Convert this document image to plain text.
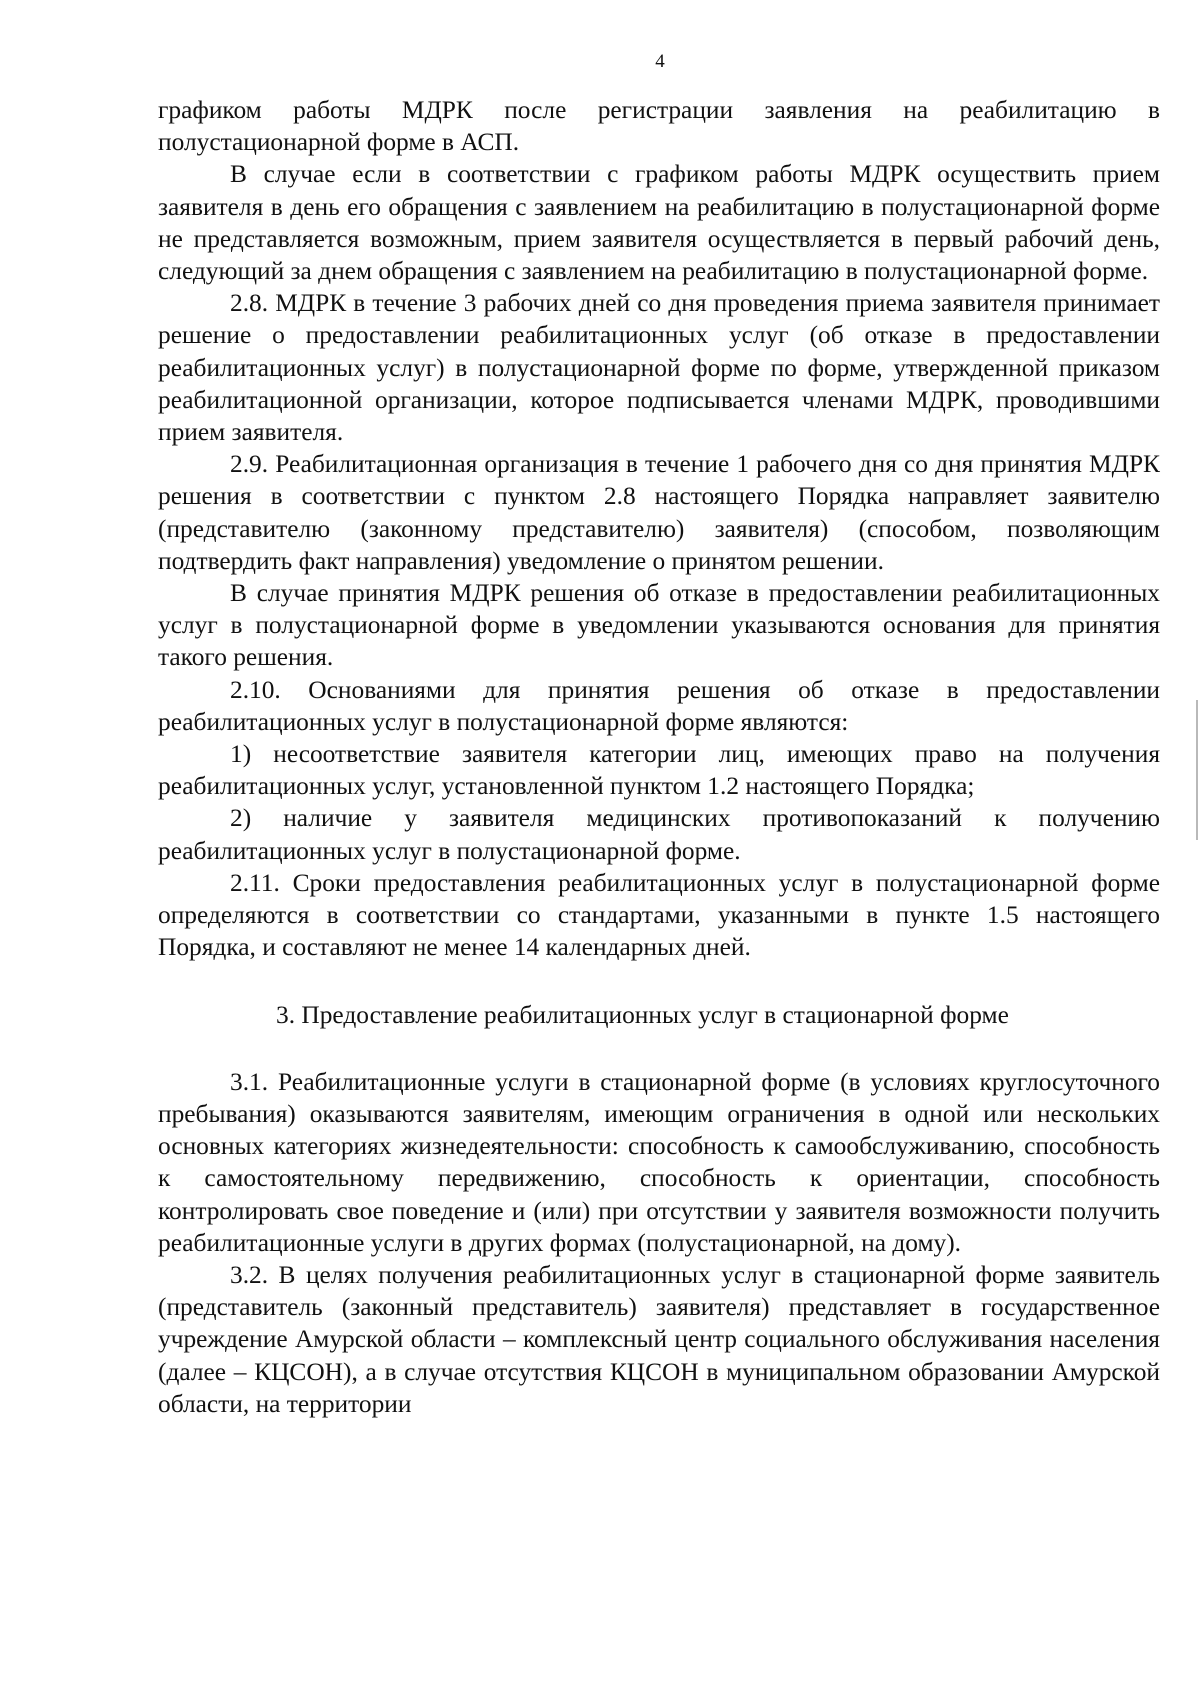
4

графиком работы МДРК после регистрации заявления на реабилитацию в полустационарной форме в АСП.

В случае если в соответствии с графиком работы МДРК осуществить прием заявителя в день его обращения с заявлением на реабилитацию в полустационарной форме не представляется возможным, прием заявителя осуществляется в первый рабочий день, следующий за днем обращения с заявлением на реабилитацию в полустационарной форме.

2.8. МДРК в течение 3 рабочих дней со дня проведения приема заявителя принимает решение о предоставлении реабилитационных услуг (об отказе в предоставлении реабилитационных услуг) в полустационарной форме по форме, утвержденной приказом реабилитационной организации, которое подписывается членами МДРК, проводившими прием заявителя.

2.9. Реабилитационная организация в течение 1 рабочего дня со дня принятия МДРК решения в соответствии с пунктом 2.8 настоящего Порядка направляет заявителю (представителю (законному представителю) заявителя) (способом, позволяющим подтвердить факт направления) уведомление о принятом решении.

В случае принятия МДРК решения об отказе в предоставлении реабилитационных услуг в полустационарной форме в уведомлении указываются основания для принятия такого решения.

2.10. Основаниями для принятия решения об отказе в предоставлении реабилитационных услуг в полустационарной форме являются:

1) несоответствие заявителя категории лиц, имеющих право на получения реабилитационных услуг, установленной пунктом 1.2 настоящего Порядка;

2) наличие у заявителя медицинских противопоказаний к получению реабилитационных услуг в полустационарной форме.

2.11. Сроки предоставления реабилитационных услуг в полустационарной форме определяются в соответствии со стандартами, указанными в пункте 1.5 настоящего Порядка, и составляют не менее 14 календарных дней.

3. Предоставление реабилитационных услуг в стационарной форме

3.1. Реабилитационные услуги в стационарной форме (в условиях круглосуточного пребывания) оказываются заявителям, имеющим ограничения в одной или нескольких основных категориях жизнедеятельности: способность к самообслуживанию, способность к самостоятельному передвижению, способность к ориентации, способность контролировать свое поведение и (или) при отсутствии у заявителя возможности получить реабилитационные услуги в других формах (полустационарной, на дому).

3.2. В целях получения реабилитационных услуг в стационарной форме заявитель (представитель (законный представитель) заявителя) представляет в государственное учреждение Амурской области – комплексный центр социального обслуживания населения (далее – КЦСОН), а в случае отсутствия КЦСОН в муниципальном образовании Амурской области, на территории
